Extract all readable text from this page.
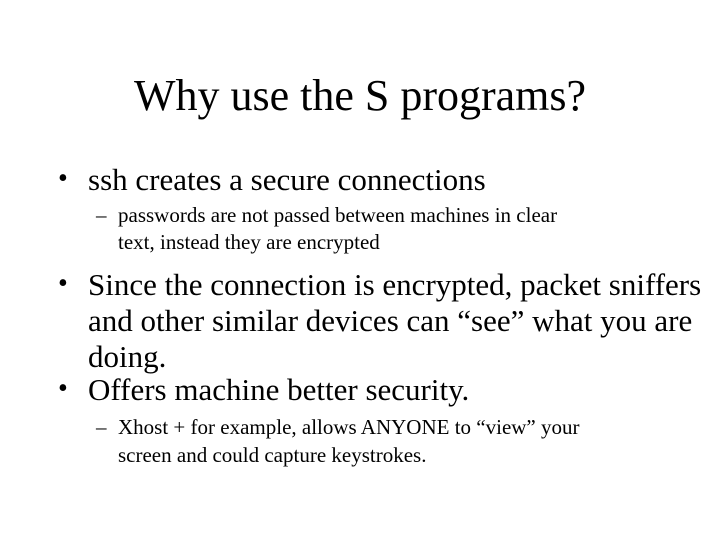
Why use the S programs?
• ssh creates a secure connections
– passwords are not passed between machines in clear
text, instead they are encrypted
• Since the connection is encrypted, packet sniffers
and other similar devices can “see” what you are
doing.
• Offers machine better security.
– Xhost + for example, allows ANYONE to “view” your
screen and could capture keystrokes.
